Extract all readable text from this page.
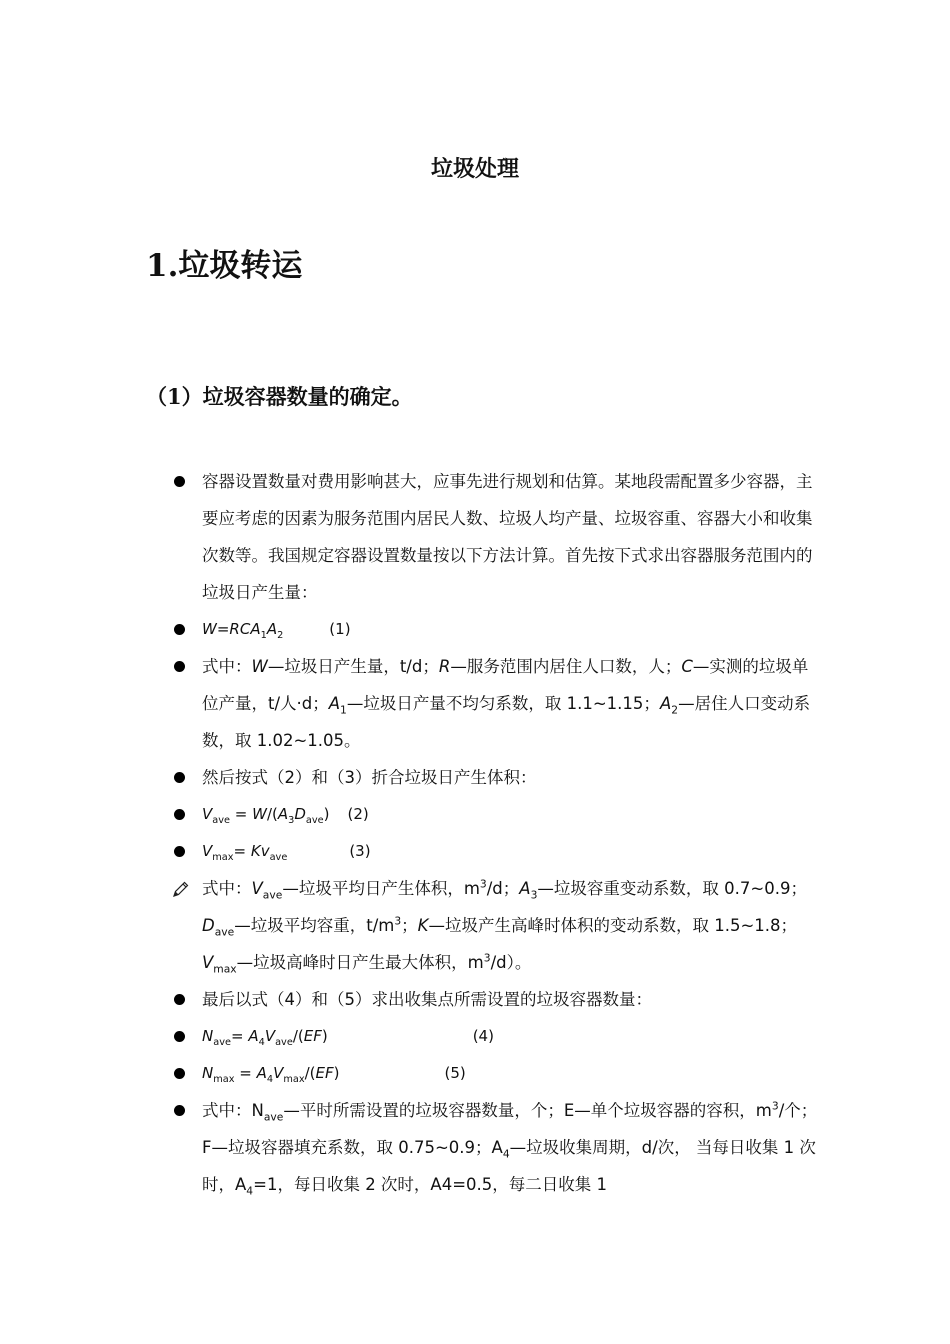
垃圾处理
1.垃圾转运
（1）垃圾容器数量的确定。

容器设置数量对费用影响甚大，应事先进行规划和估算。某地段需配置多少容器，主要应考虑的因素为服务范围内居民人数、垃圾人均产量、垃圾容重、容器大小和收集次数等。我国规定容器设置数量按以下方法计算。首先按下式求出容器服务范围内的垃圾日产生量：

$W=RCA_1A_2$	(1)

式中：W—垃圾日产生量，t/d；R—服务范围内居住人口数，人；C—实测的垃圾单位产量，t/人·d；$A_1—$垃圾日产量不均匀系数，取 1.1~1.15；$A_2—$居住人口变动系数，取 1.02~1.05。

然后按式（2）和（3）折合垃圾日产生体积：

$V_{ave} = W/(A_3D_{ave})$ (2)

$V_{max}= Kv_{ave}$	(3)

式中：$V_{ave}—$垃圾平均日产生体积，$m^3/d$；$A_3—$垃圾容重变动系数，取 0.7~0.9；$D_{ave}—$垃圾平均容重，$t/m^3$；K—垃圾产生高峰时体积的变动系数，取 1.5~1.8；$V_{max}—$垃圾高峰时日产生最大体积，$m^3/d$）。

最后以式（4）和（5）求出收集点所需设置的垃圾容器数量：

$N_{ave}= A_4V_{ave}/(EF)$	(4)

$N_{max} = A_4V_{max}/(EF)$	(5)

式中：$N_{ave}—$平时所需设置的垃圾容器数量，个；E—单个垃圾容器的容积，$m^3/$个；F—垃圾容器填充系数，取 0.75~0.9；$A_4—$垃圾收集周期，d/次， 当每日收集 1 次时，$A_4=1$，每日收集 2 次时，A4=0.5，每二日收集 1
